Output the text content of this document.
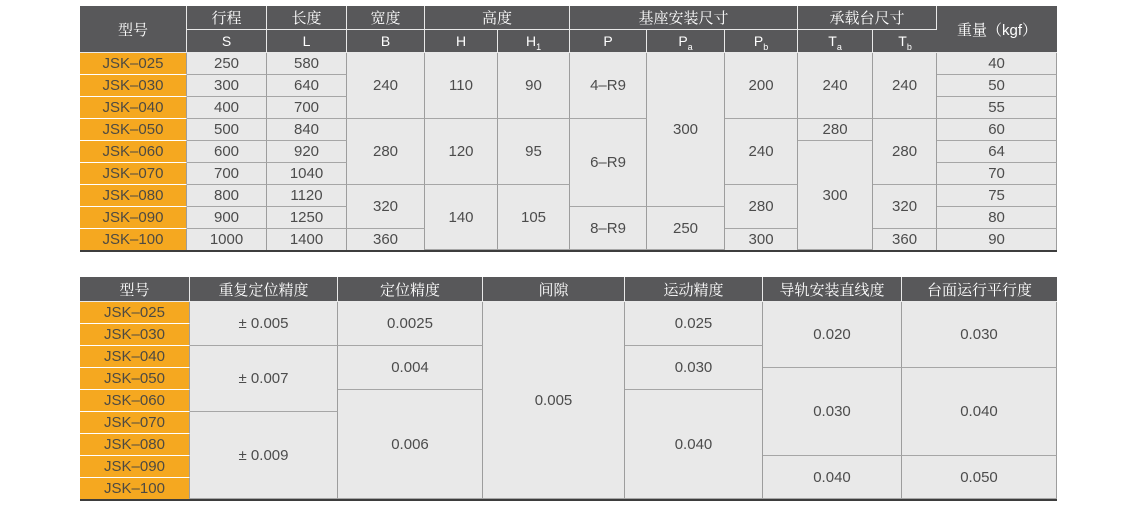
型号	行程	长度	宽度	高度		基座安装尺寸			承载台尺寸		重量（kgf）
	S	L	B	H	$H_1$	P	$P_a$	$P_b$	$T_a$	$T_b$
JSK–025	250	580	240	110	90	4–R9	300	200	240	240	40
JSK–030	300	640									50
JSK–040	400	700									55
JSK–050	500	840	280	120	95	6–R9		240	280	280	60
JSK–060	600	920							300		64
JSK–070	700	1040									70
JSK–080	800	1120	320	140	105			280		320	75
JSK–090	900	1250				8–R9	250				80
JSK–100	1000	1400	360					300		360	90
型号	重复定位精度	定位精度	间隙	运动精度	导轨安装直线度	台面运行平行度
JSK–025	± 0.005	0.0025	0.005	0.025	0.020	0.030
JSK–030						
JSK–040	± 0.007	0.004		0.030		
JSK–050					0.030	0.040
JSK–060		0.006		0.040		
JSK–070	± 0.009					
JSK–080						
JSK–090					0.040	0.050
JSK–100						
